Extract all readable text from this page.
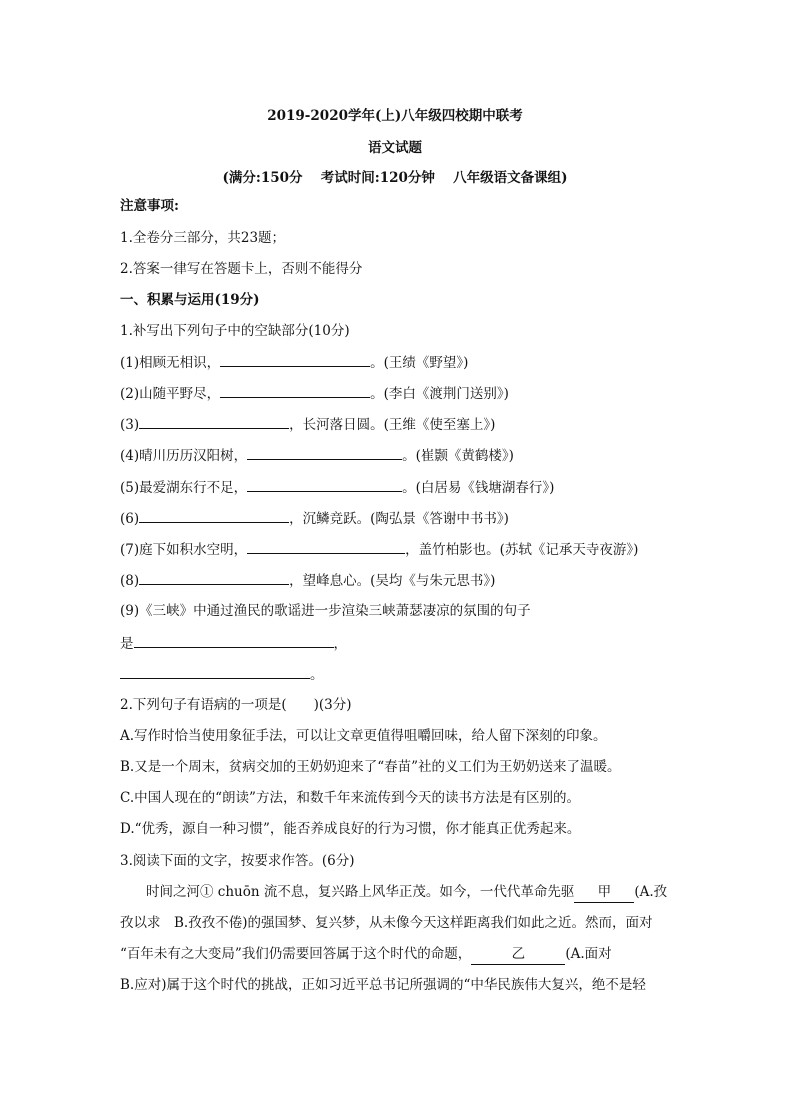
2019-2020学年(上)八年级四校期中联考
语文试题
(满分:150分　 考试时间:120分钟　 八年级语文备课组)
注意事项:
1.全卷分三部分，共23题；
2.答案一律写在答题卡上，否则不能得分
一、积累与运用(19分)
1.补写出下列句子中的空缺部分(10分)
(1)相顾无相识，	。(王绩《野望》)
(2)山随平野尽，	。(李白《渡荆门送别》)
(3)	，长河落日圆。(王维《使至塞上》)
(4)晴川历历汉阳树，	。(崔颢《黄鹤楼》)
(5)最爱湖东行不足，	。(白居易《钱塘湖春行》)
(6)	，沉鳞竞跃。(陶弘景《答谢中书书》)
(7)庭下如积水空明，	，盖竹柏影也。(苏轼《记承天寺夜游》)
(8)	，望峰息心。(吴均《与朱元思书》)
(9)《三峡》中通过渔民的歌谣进一步渲染三峡萧瑟凄凉的氛围的句子
是	，
。
2.下列句子有语病的一项是(　　)(3分)
A.写作时恰当使用象征手法，可以让文章更值得咀嚼回味，给人留下深刻的印象。
B.又是一个周末，贫病交加的王奶奶迎来了“春苗”社的义工们为王奶奶送来了温暖。
C.中国人现在的“朗读”方法，和数千年来流传到今天的读书方法是有区别的。
D.“优秀，源自一种习惯”，能否养成良好的行为习惯，你才能真正优秀起来。
3.阅读下面的文字，按要求作答。(6分)
时间之河① chuōn 流不息，复兴路上风华正茂。如今，一代代革命先驱 甲 (A.孜
孜以求　B.孜孜不倦)的强国梦、复兴梦，从未像今天这样距离我们如此之近。然而，面对
“百年未有之大变局”我们仍需要回答属于这个时代的命题，	乙	(A.面对
B.应对)属于这个时代的挑战，正如习近平总书记所强调的“中华民族伟大复兴，绝不是轻
